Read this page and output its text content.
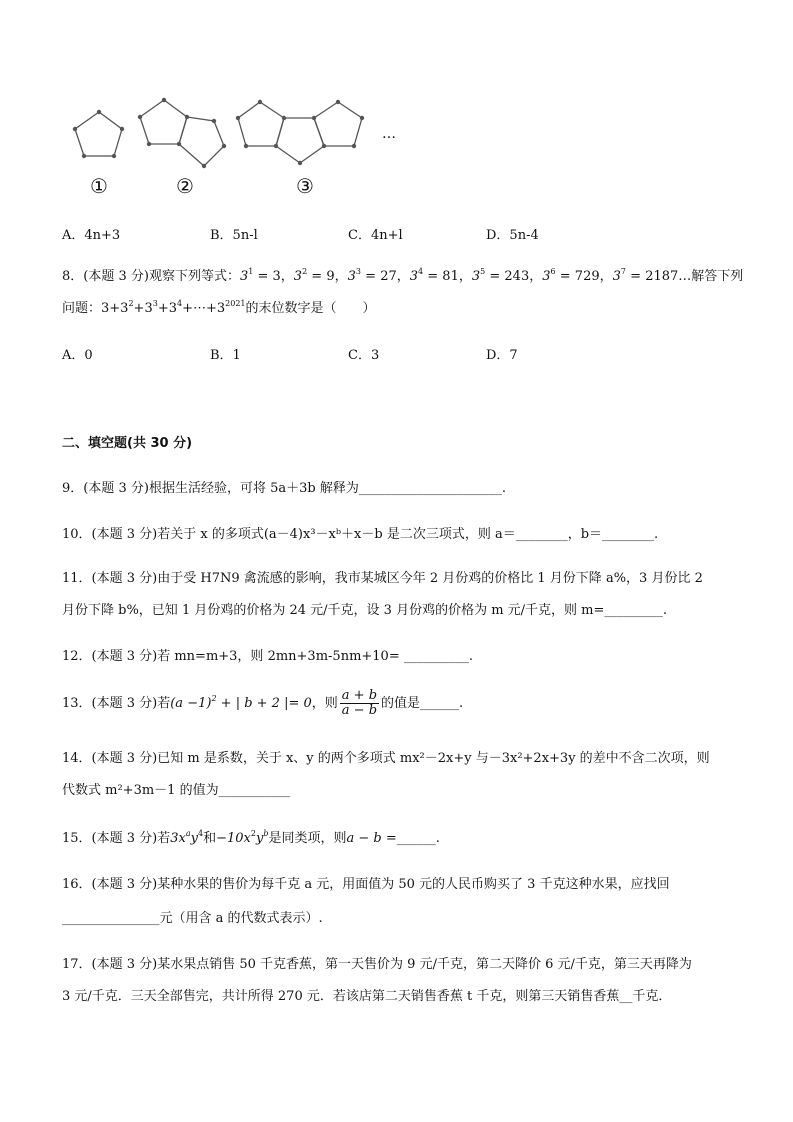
…
①	②	③
A．4n+3	B．5n-l	C．4n+l	D．5n-4
8．(本题 3 分)观察下列等式：$3^1 = 3$，$3^2 = 9$，$3^3 = 27$，$3^4 = 81$，$3^5 = 243$，$3^6 = 729$，$3^7$ = 2187…解答下列
问题：$3+3^2+3^3+3^4+\cdots+3^{2021}$的末位数字是（　　）
A．0	B．1	C．3	D．7
二、填空题(共 30 分)
9．(本题 3 分)根据生活经验，可将 5a＋3b 解释为______________________.
10．(本题 3 分)若关于 x 的多项式(a－4)x³－xᵇ＋x－b 是二次三项式，则 a＝________，b＝________.
11．(本题 3 分)由于受 H7N9 禽流感的影响，我市某城区今年 2 月份鸡的价格比 1 月份下降 a%，3 月份比 2
月份下降 b%，已知 1 月份鸡的价格为 24 元/千克，设 3 月份鸡的价格为 m 元/千克，则 m=_________.
12．(本题 3 分)若 mn=m+3，则 2mn+3m-5nm+10= __________.
13．(本题 3 分)若$(a -1)^2$ + | b + 2 |= 0，则 $\frac{a + b}{a - b}$ 的值是______.
14．(本题 3 分)已知 m 是系数，关于 x、y 的两个多项式 mx²－2x+y 与－3x²+2x+3y 的差中不含二次项，则
代数式 m²+3m－1 的值为___________
15．(本题 3 分)若$3x^ay^4$和$-10x^2y^b$是同类项，则a − b =______.
16．(本题 3 分)某种水果的售价为每千克 a 元，用面值为 50 元的人民币购买了 3 千克这种水果，应找回
_______________元（用含 a 的代数式表示）.
17．(本题 3 分)某水果点销售 50 千克香蕉，第一天售价为 9 元/千克，第二天降价 6 元/千克，第三天再降为
3 元/千克．三天全部售完，共计所得 270 元．若该店第二天销售香蕉 t 千克，则第三天销售香蕉__千克．
